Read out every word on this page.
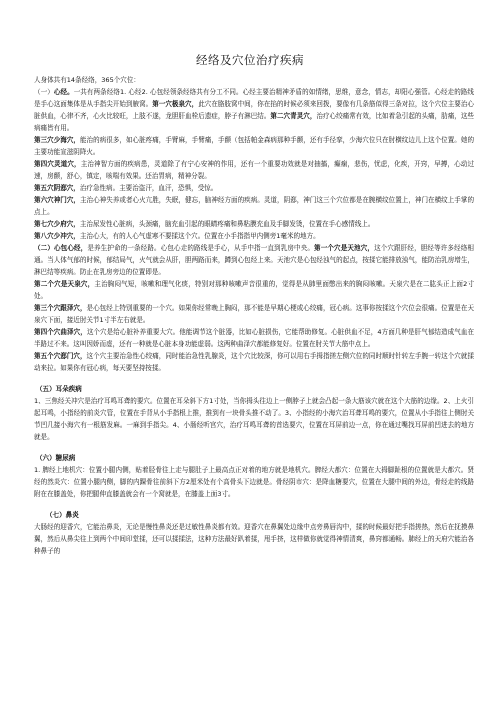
经络及穴位治疗疾病

人身体共有14条经络，365个穴位：

（一）心经。一共有两条经络1. 心经2. 心包经领条经络共有分工不同。心经主要治精神矛盾的如情绪，思维，意念，情志，却阳心强管。心经走的路线是手心这面集体是从手指尖开始到腋窝。第一穴极泉穴，此穴在胳肢窝中间，你在掐的时候必须来回拨，要像有几条筋似得三条对拉，这个穴位主要治心脏供血，心律不齐，心火比较旺，上肢不遂，龙胆肝血栓后遗症，脖子有淋巴结。第二穴青灵穴，治疗心绞痛常有效，比如着急引起的头痛，肋痛，这些病痛皆有用。

第三穴少海穴，能治的病很多，如心脏疼痛，手臂麻，手臂痛，手颤（包括帕金森病那种手颤，还有手径挛，少海穴位只在肘横纹边儿上这个位置。她的主要功能宣滋阴降火。

第四穴灵道穴，主治神智方面的疾病患，灵道除了有宁心安神的作用，还有一个重要功效就是对抽搐，癫痫，悲伤，忧虑，化疾，开窍，早搏，心动过速，房颤，舒心，镇定，咳喘有效果。还治胃病，精神分裂。

第五穴阴郄穴，治疗急性病。主要治盗汗，血汗，恐惧，受惊。

第六穴神门穴，主治心神失养或者心火亢胜，失眠，健忘，脑神经方面的疾病。灵道，阴郄，神门这三个穴位都是在腕横纹位置上，神门在横纹上手掌的点上。

第七穴少府穴，主治尿发性心脏病，头颈痛，脑充血引起的眼睛疼痛和鼻粘膜充血及手脚发烫，位置在手心感情线上。

第八穴少冲穴，主治心大，有的人心气虚寒不要揉这个穴。位置在小手指指甲内侧旁1毫米的地方。

（二）心包心经，是养生护命的一条经路。心包心走的路线是手心，从手中指一直到乳房中央。第一个穴是天池穴，这个穴跟肝经，胆经等许多经络相通。当人体气郁的时候，郁结局气，火气就会从肝，胆两路而来，蹲到心包经上来。天池穴是心包经浊气的起点，按揉它能排放浊气，能防治乳房增生，淋巴结等疾病。防止在乳房旁边的位置即是。

第二个穴是天泉穴，主治胸闷气短，咳嗽和理气化痰，特别对那种咳嗽声音很重的，觉得是从肺里面憋出来的胸闷咳嗽。天泉穴是在二肱头正上面2寸处。

第三个穴跟泽穴，是心包经上特别重要的一个穴。如果你经常晚上胸闷，那不能是早期心梗或心绞痛，冠心病。这事你按揉这个穴位会很痛。位置是在天泉穴下面，接近肘关节1寸半左右就是。

第四个穴曲泽穴，这个穴是给心脏补养重要大穴。他能调节这个脏器，比如心脏损伤，它能帮助修复。心脏供血不足，4方面几种是肝气郁结造成气血在半路过不来。这叫因娇而虚，还有一种就是心脏本身功能虚弱。这两种曲泽穴都能修复好。位置在肘关节大筋中点上。

第五个穴郄门穴，这个穴主要治急性心绞痛，同时能治急性乳腺炎，这个穴比较深，你可以用右手拇指搓左侧穴位的同时顺时针转左手腕一转这个穴就揉动来拉。如果你有冠心病，每天要坚持按揉。

（五）耳朵疾病

1、三焦经关冲穴是治疗耳鸣耳聋的要穴。位置在耳朵斜下方1寸处，当你拇头往边上一侧脖子上就会凸起一条大筋该穴就在这个大筋的边缘。2、上火引起耳鸣，小指经的前炎穴管，位置在手背从小手指根上推，推到有一块骨头推不动了。3、小指经的小海穴治耳聋耳鸣的要穴，位置从小手指往上侧肘关节凹几接小海穴有一根筋发麻。一麻到手指尖。4、小肠经听宫穴，治疗耳鸣耳聋的首选要穴，位置在耳屏前边一点，你在通过嘴找耳屏前凹进去的地方就是。

（六）糖尿病

1. 脾经上地机穴：位置小腿内侧，贴着胫骨往上走与腿肚子上最高点正对着的地方就是地机穴。脾经大都穴：位置在大拇脚趾根的位置就是大都穴。贤经的然炎穴：位置小腿内侧，脚的内踝骨往前斜下方2厘米处有个高骨头下边就是。骨经阴市穴：是降血糖要穴，位置在大腿中间的外边，骨经走的线路附在在膝盖处，你把腿伸直膝盖就会有一个窝就是，在膝盖上面3寸。

（七）鼻炎

大肠经的迎香穴，它能治鼻炎，无论是慢性鼻炎还是过敏性鼻炎都有效。迎香穴在鼻翼处边缘中点旁鼻唇沟中，揉的时候最好把手指搓热，然后在抚摸鼻翼，然后从鼻尖往上到两个中间印堂揉，还可以揉揉法，这种方法最好趴着揉，甩手挤，这样做你就觉得神情清爽，鼻窍都通畅。肺经上的天府穴能治各种鼻子的
